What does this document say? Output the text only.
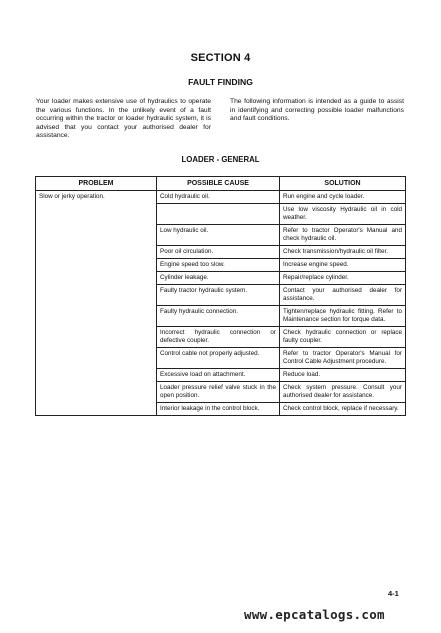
SECTION 4
FAULT FINDING
Your loader makes extensive use of hydraulics to operate the various functions. In the unlikely event of a fault occurring within the tractor or loader hydraulic system, it is advised that you contact your authorised dealer for assistance.
The following information is intended as a guide to assist in identifying and correcting possible loader malfunctions and fault conditions.
LOADER - GENERAL
PROBLEM	POSSIBLE CAUSE	SOLUTION
Slow or jerky operation.	Cold hydraulic oil.	Run engine and cycle loader.
		Use low viscosity Hydraulic oil in cold weather.
	Low hydraulic oil.	Refer to tractor Operator's Manual and check hydraulic oil.
	Poor oil circulation.	Check transmission/hydraulic oil filter.
	Engine speed too slow.	Increase engine speed.
	Cylinder leakage.	Repair/replace cylinder.
	Faulty tractor hydraulic system.	Contact your authorised dealer for assistance.
	Faulty hydraulic connection.	Tighten/replace hydraulic fitting. Refer to Maintenance section for torque data.
	Incorrect hydraulic connection or defective coupler.	Check hydraulic connection or replace faulty coupler.
	Control cable not properly adjusted.	Refer to tractor Operator's Manual for Control Cable Adjustment procedure.
	Excessive load on attachment.	Reduce load.
	Loader pressure relief valve stuck in the open position.	Check system pressure. Consult your authorised dealer for assistance.
	Interior leakage in the control block.	Check control block, replace if necessary.
4-1
www.epcatalogs.com
